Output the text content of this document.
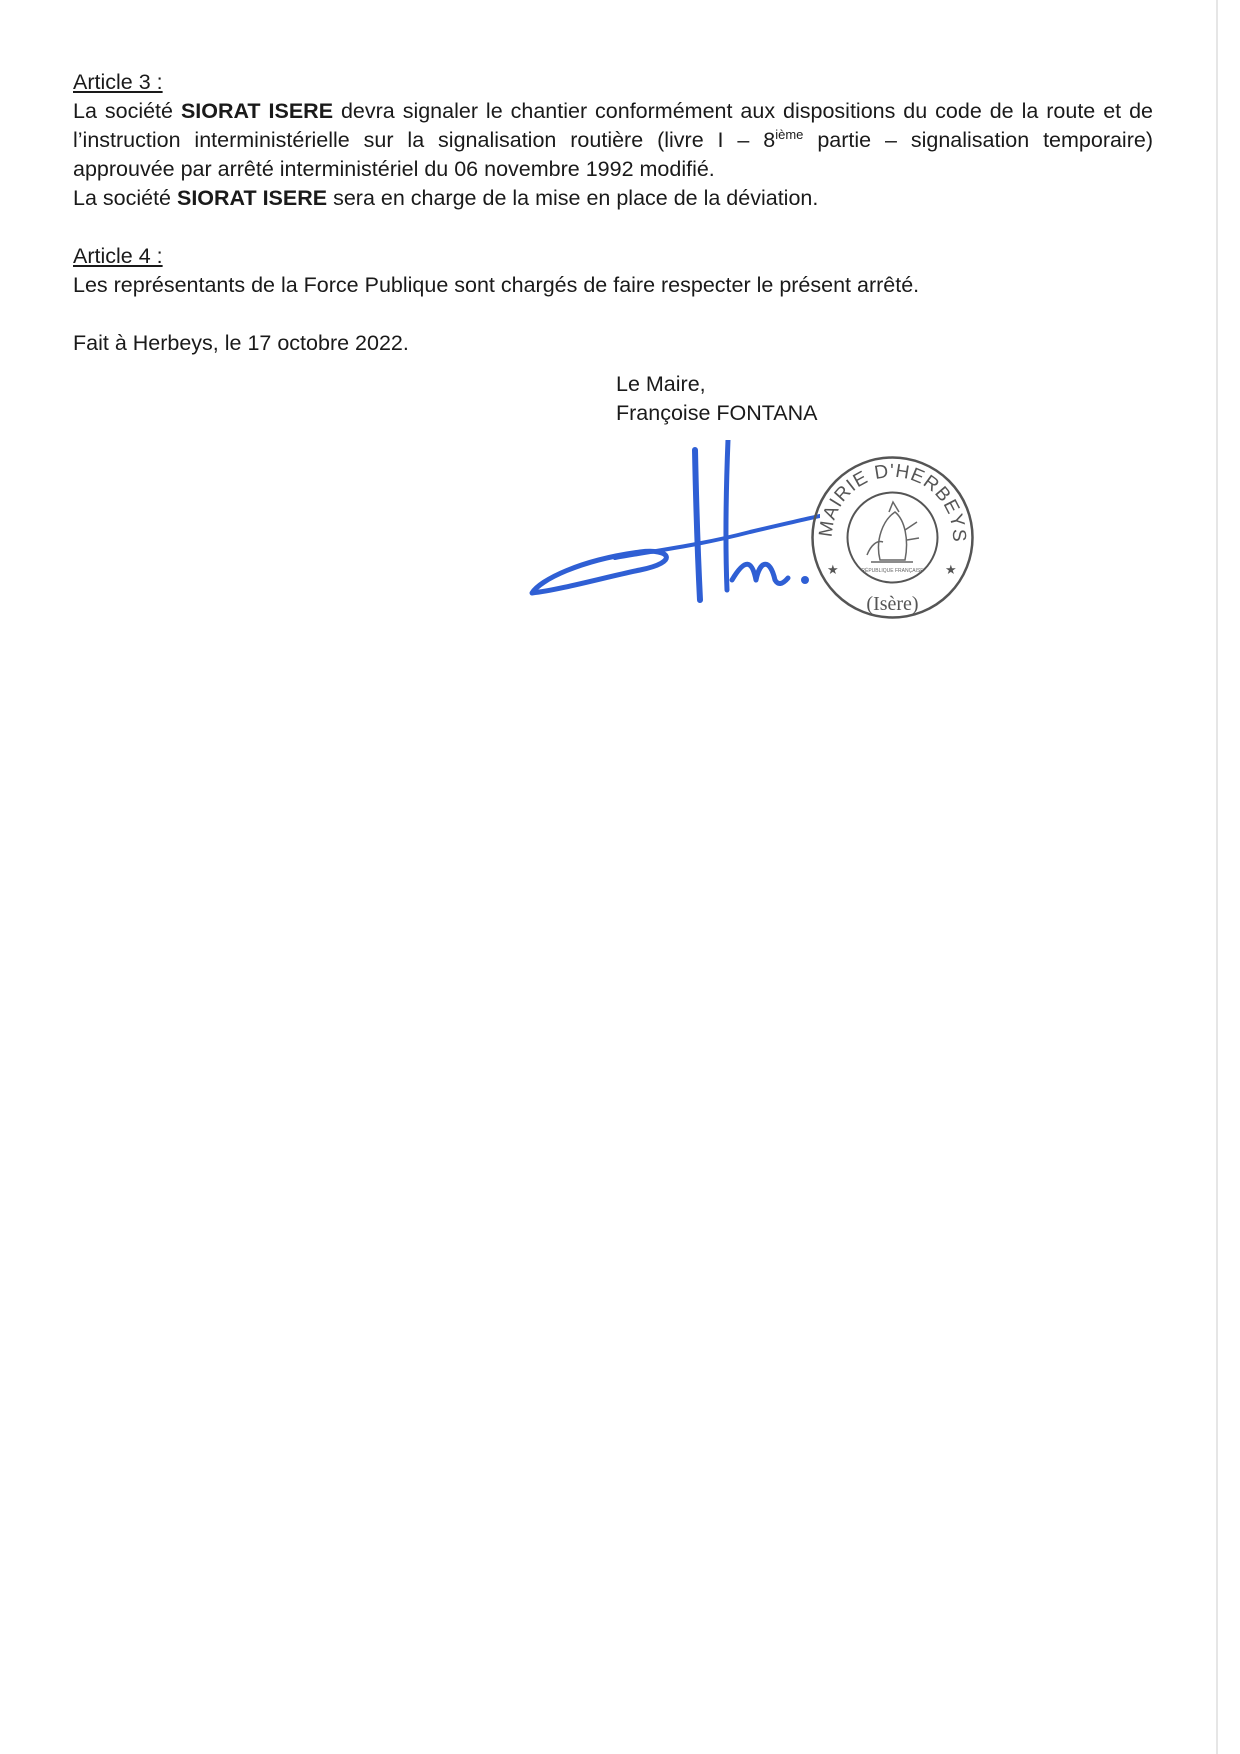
Article 3 :

La société SIORAT ISERE devra signaler le chantier conformément aux dispositions du code de la route et de l’instruction interministérielle sur la signalisation routière (livre I – 8ième partie – signalisation temporaire) approuvée par arrêté interministériel du 06 novembre 1992 modifié.

La société SIORAT ISERE sera en charge de la mise en place de la déviation.

Article 4 :

Les représentants de la Force Publique sont chargés de faire respecter le présent arrêté.

Fait à Herbeys, le 17 octobre 2022.

Le Maire,
Françoise FONTANA
MAIRIE D'HERBEYS
(Isère)
★	★
RÉPUBLIQUE FRANÇAISE
